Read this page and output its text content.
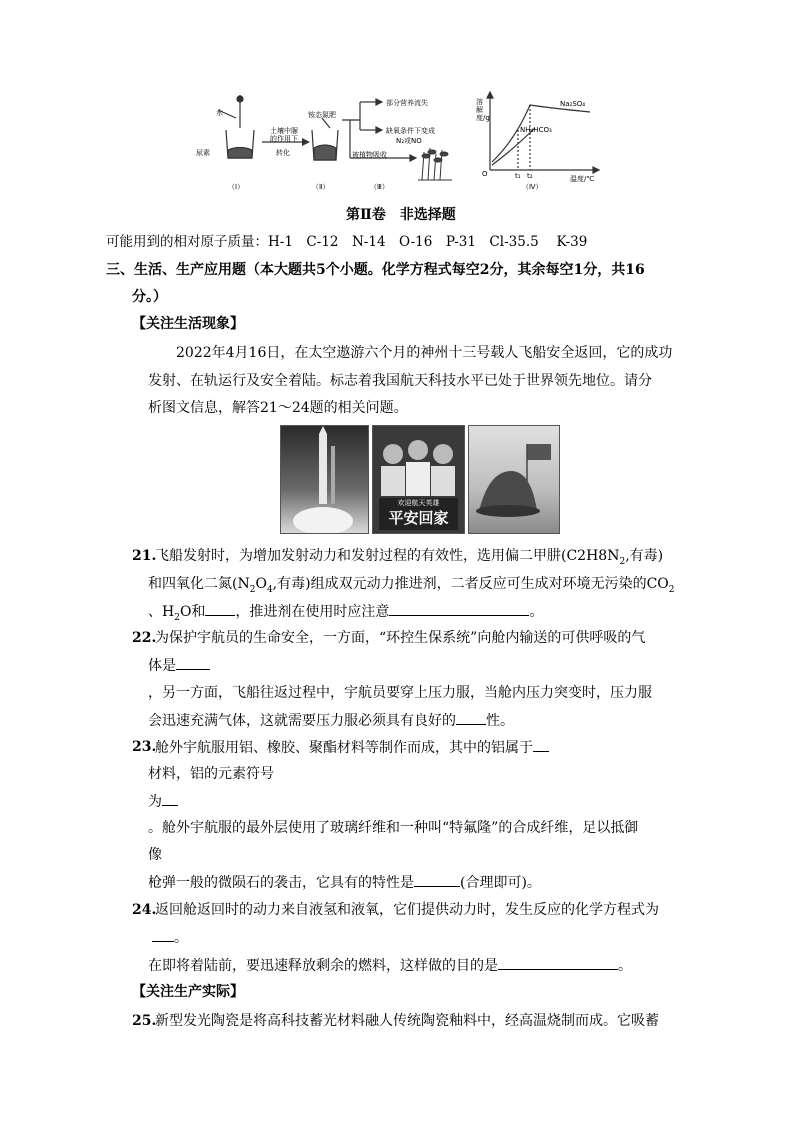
水
尿素
土壤中脲
的作用下
转化
铵态氮肥
部分营养流失
缺氧条件下变成
N₂或NO
被植物吸收
溶解度/g
Na₂SO₄
NH₄HCO₃
温度/℃
O	t₁ t₂
（Ⅰ）	（Ⅱ）	（Ⅲ）	（Ⅳ）
第Ⅱ卷　非选择题
可能用到的相对原子质量：H-1　C-12　N-14　O-16　P-31　Cl-35.5　 K-39
三、生活、生产应用题（本大题共5个小题。化学方程式每空2分，其余每空1分，共16
分。）
【关注生活现象】
2022年4月16日，在太空遨游六个月的神州十三号载人飞船安全返回，它的成功
发射、在轨运行及安全着陆。标志着我国航天科技水平已处于世界领先地位。请分
析图文信息，解答21～24题的相关问题。
欢迎航天英雄
平安回家
21.
飞船发射时，为增加发射动力和发射过程的有效性，选用偏二甲肼($C2H8N_2$,有毒)
和四氧化二氮($N_2O_4$,有毒)组成双元动力推进剂，二者反应可生成对环境无污染的$CO_2$
、$H_2O$和 ，推进剂在使用时应注意	。
22.
为保护宇航员的生命安全，一方面，“环控生保系统”向舱内输送的可供呼吸的气
体是
，另一方面，飞船往返过程中，宇航员要穿上压力服，当舱内压力突变时，压力服
会迅速充满气体，这就需要压力服必须具有良好的 性。
23.
舱外宇航服用铝、橡胶、聚酯材料等制作而成，其中的铝属于
材料，铝的元素符号
为
。舱外宇航服的最外层使用了玻璃纤维和一种叫“特氟隆”的合成纤维，足以抵御
像
枪弹一般的微陨石的袭击，它具有的特性是	(合理即可)。
24.
返回舱返回时的动力来自液氢和液氧，它们提供动力时，发生反应的化学方程式为
。
在即将着陆前，要迅速释放剩余的燃料，这样做的目的是	。
【关注生产实际】
25.
新型发光陶瓷是将高科技蓄光材料融人传统陶瓷釉料中，经高温烧制而成。它吸蓄
